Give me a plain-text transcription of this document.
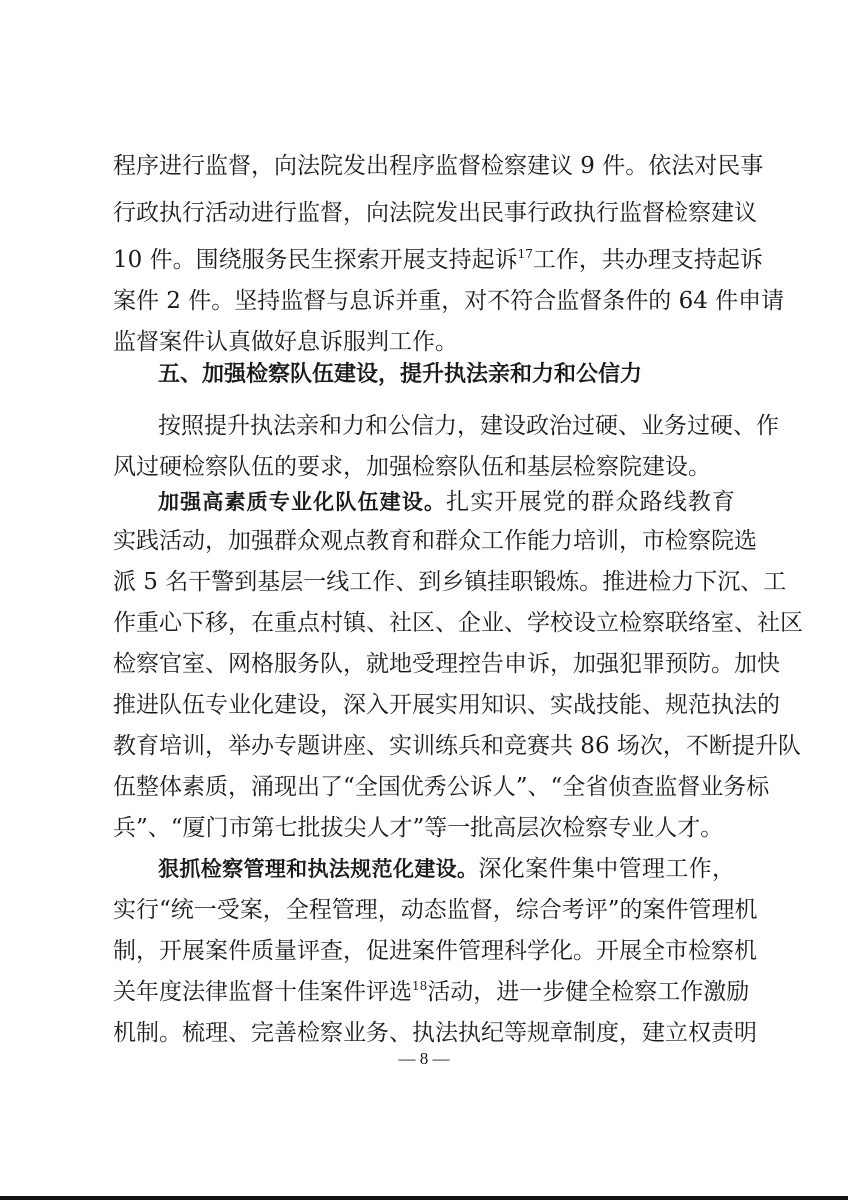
程序进行监督，向法院发出程序监督检察建议 9 件。依法对民事
行政执行活动进行监督，向法院发出民事行政执行监督检察建议
10 件。围绕服务民生探索开展支持起诉$^{17}$工作，共办理支持起诉
案件 2 件。坚持监督与息诉并重，对不符合监督条件的 64 件申请
监督案件认真做好息诉服判工作。
五、加强检察队伍建设，提升执法亲和力和公信力
按照提升执法亲和力和公信力，建设政治过硬、业务过硬、作
风过硬检察队伍的要求，加强检察队伍和基层检察院建设。
加强高素质专业化队伍建设。扎实开展党的群众路线教育
实践活动，加强群众观点教育和群众工作能力培训，市检察院选
派 5 名干警到基层一线工作、到乡镇挂职锻炼。推进检力下沉、工
作重心下移，在重点村镇、社区、企业、学校设立检察联络室、社区
检察官室、网格服务队，就地受理控告申诉，加强犯罪预防。加快
推进队伍专业化建设，深入开展实用知识、实战技能、规范执法的
教育培训，举办专题讲座、实训练兵和竞赛共 86 场次，不断提升队
伍整体素质，涌现出了“全国优秀公诉人”、“全省侦查监督业务标
兵”、“厦门市第七批拔尖人才”等一批高层次检察专业人才。
狠抓检察管理和执法规范化建设。深化案件集中管理工作，
实行“统一受案，全程管理，动态监督，综合考评”的案件管理机
制，开展案件质量评查，促进案件管理科学化。开展全市检察机
关年度法律监督十佳案件评选$^{18}$活动，进一步健全检察工作激励
机制。梳理、完善检察业务、执法执纪等规章制度，建立权责明
— 8 —
